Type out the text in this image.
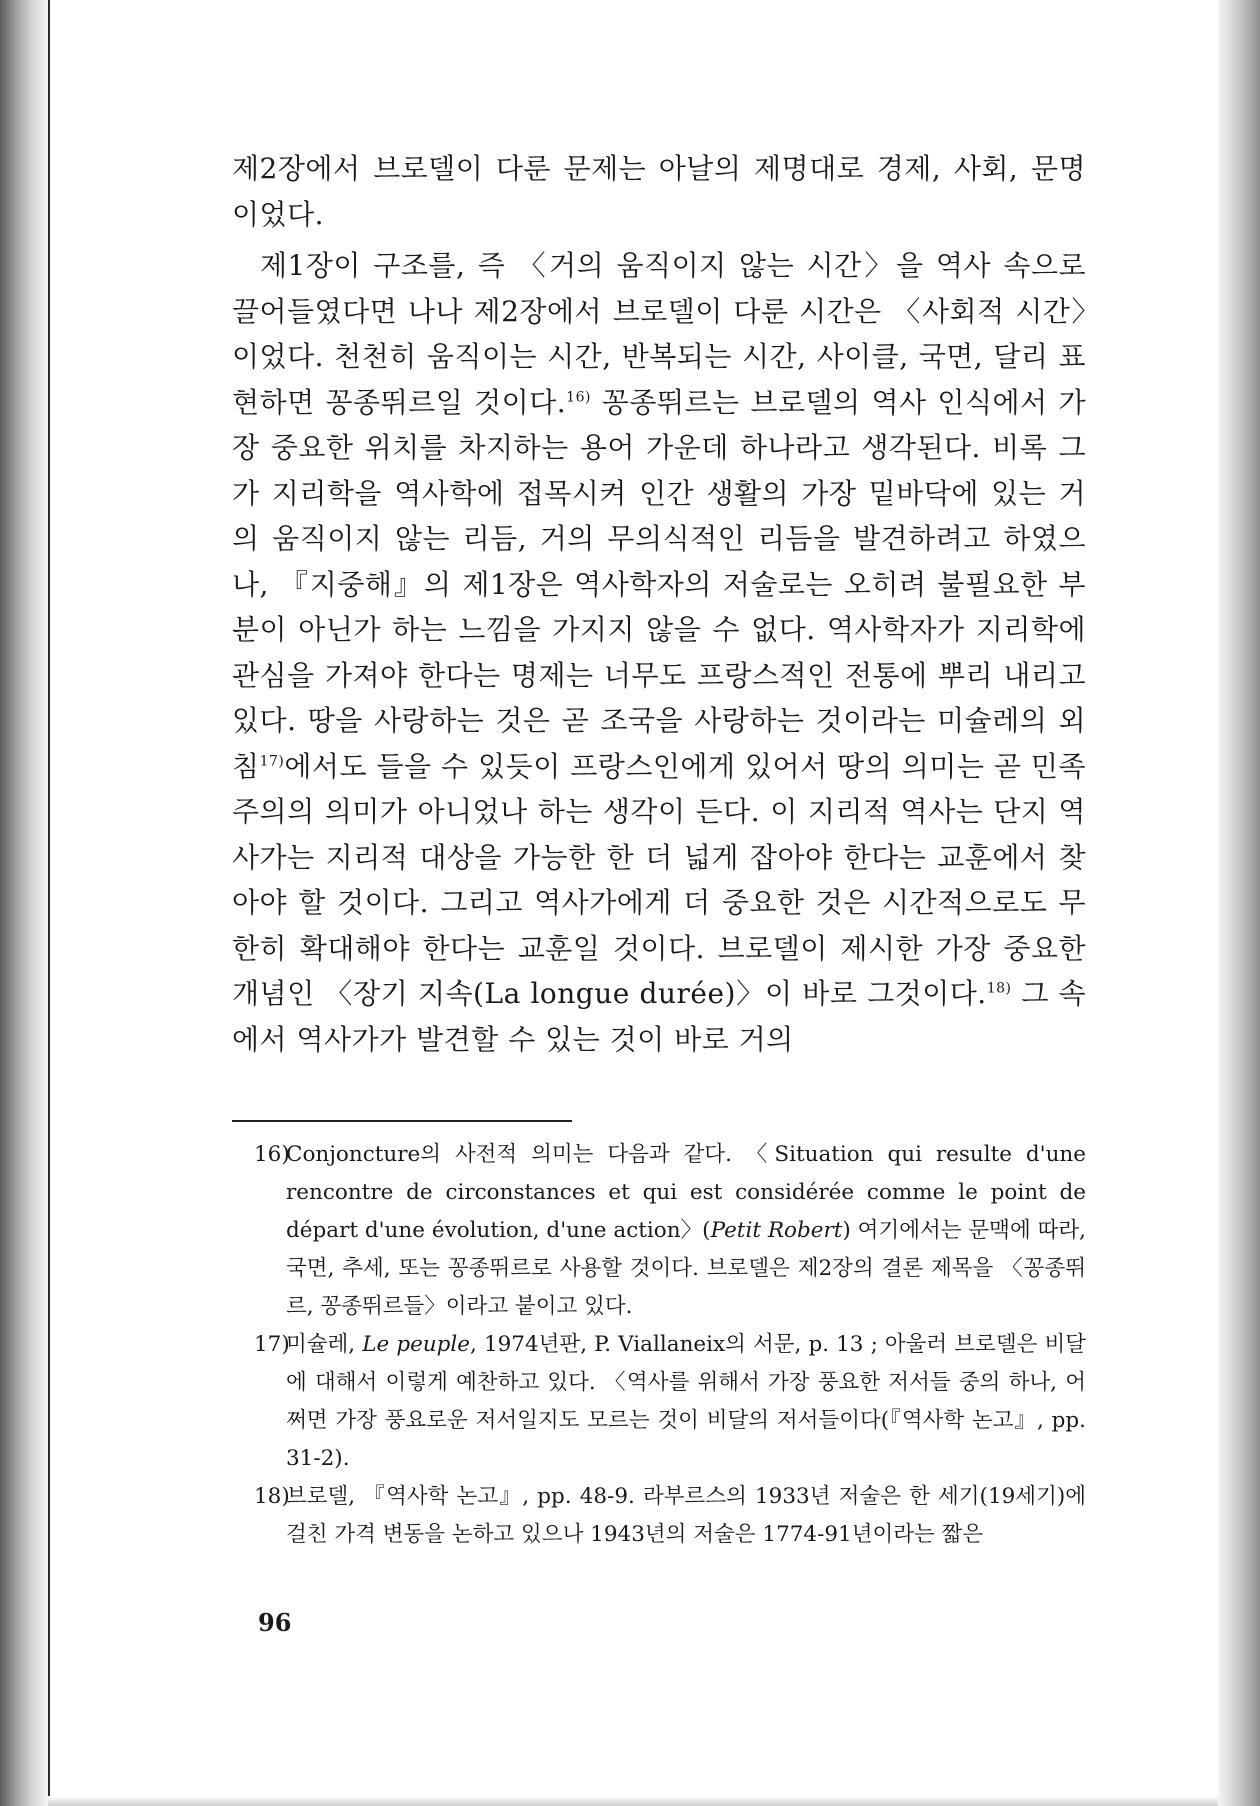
제2장에서 브로델이 다룬 문제는 아날의 제명대로 경제, 사회, 문명이었다.

제1장이 구조를, 즉 〈거의 움직이지 않는 시간〉을 역사 속으로 끌어들였다면 나나 제2장에서 브로델이 다룬 시간은 〈사회적 시간〉이었다. 천천히 움직이는 시간, 반복되는 시간, 사이클, 국면, 달리 표현하면 꽁종뛰르일 것이다.$^{16)}$ 꽁종뛰르는 브로델의 역사 인식에서 가장 중요한 위치를 차지하는 용어 가운데 하나라고 생각된다. 비록 그가 지리학을 역사학에 접목시켜 인간 생활의 가장 밑바닥에 있는 거의 움직이지 않는 리듬, 거의 무의식적인 리듬을 발견하려고 하였으나, 『지중해』의 제1장은 역사학자의 저술로는 오히려 불필요한 부분이 아닌가 하는 느낌을 가지지 않을 수 없다. 역사학자가 지리학에 관심을 가져야 한다는 명제는 너무도 프랑스적인 전통에 뿌리 내리고 있다. 땅을 사랑하는 것은 곧 조국을 사랑하는 것이라는 미슐레의 외침$^{17)}$에서도 들을 수 있듯이 프랑스인에게 있어서 땅의 의미는 곧 민족주의의 의미가 아니었나 하는 생각이 든다. 이 지리적 역사는 단지 역사가는 지리적 대상을 가능한 한 더 넓게 잡아야 한다는 교훈에서 찾아야 할 것이다. 그리고 역사가에게 더 중요한 것은 시간적으로도 무한히 확대해야 한다는 교훈일 것이다. 브로델이 제시한 가장 중요한 개념인 〈장기 지속(La longue durée)〉이 바로 그것이다.$^{18)}$ 그 속에서 역사가가 발견할 수 있는 것이 바로 거의

16)
Conjoncture의 사전적 의미는 다음과 같다. 〈Situation qui resulte d'une rencontre de circonstances et qui est considérée comme le point de départ d'une évolution, d'une action〉(Petit Robert) 여기에서는 문맥에 따라, 국면, 추세, 또는 꽁종뛰르로 사용할 것이다. 브로델은 제2장의 결론 제목을 〈꽁종뛰르, 꽁종뛰르들〉이라고 붙이고 있다.
17)
미슐레, Le peuple, 1974년판, P. Viallaneix의 서문, p. 13 ; 아울러 브로델은 비달에 대해서 이렇게 예찬하고 있다. 〈역사를 위해서 가장 풍요한 저서들 중의 하나, 어쩌면 가장 풍요로운 저서일지도 모르는 것이 비달의 저서들이다(『역사학 논고』, pp. 31-2).
18)
브로델, 『역사학 논고』, pp. 48-9. 라부르스의 1933년 저술은 한 세기(19세기)에 걸친 가격 변동을 논하고 있으나 1943년의 저술은 1774-91년이라는 짧은
96
